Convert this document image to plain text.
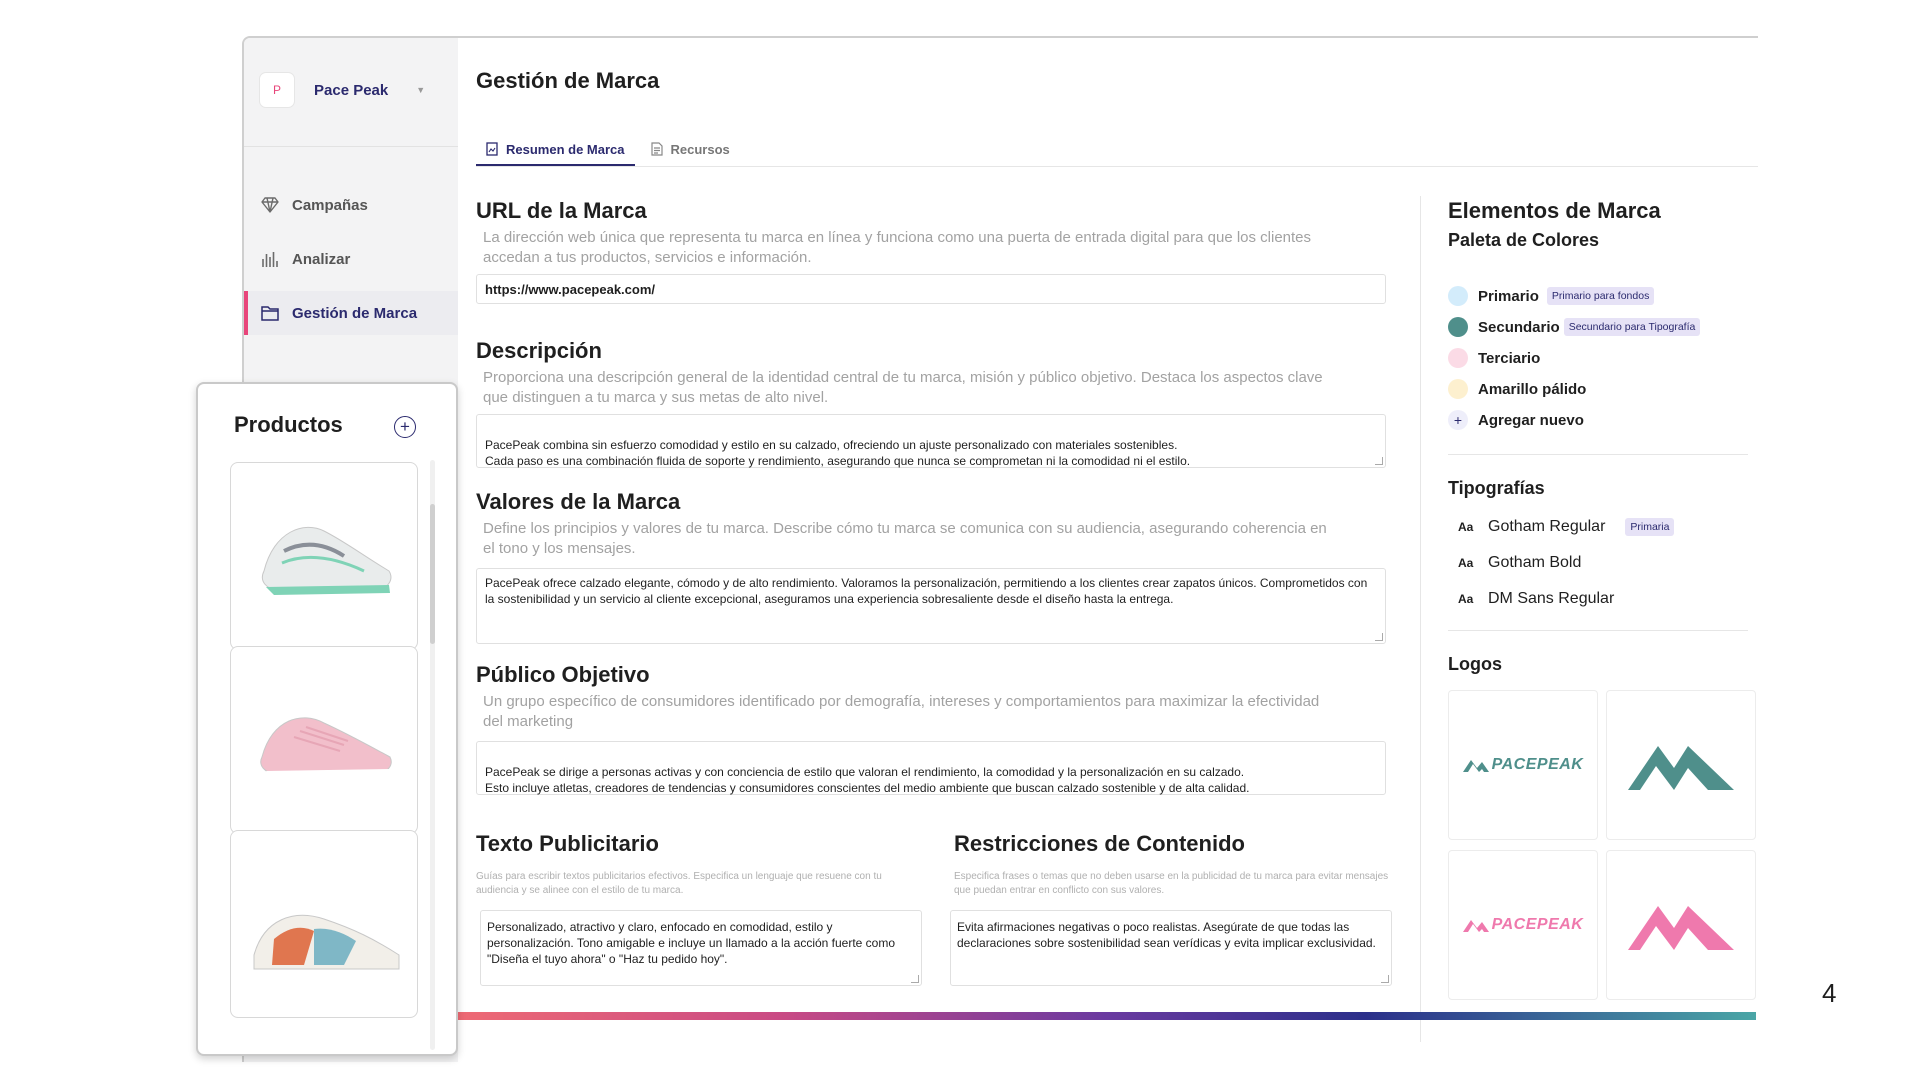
P	Pace Peak	▼
Campañas
Analizar
Gestión de Marca
Gestión de Marca
Resumen de Marca	Recursos
URL de la Marca
La dirección web única que representa tu marca en línea y funciona como una puerta de entrada digital para que los clientes accedan a tus productos, servicios e información.
https://www.pacepeak.com/
Descripción
Proporciona una descripción general de la identidad central de tu marca, misión y público objetivo. Destaca los aspectos clave que distinguen a tu marca y sus metas de alto nivel.

PacePeak combina sin esfuerzo comodidad y estilo en su calzado, ofreciendo un ajuste personalizado con materiales sostenibles.
Cada paso es una combinación fluida de soporte y rendimiento, asegurando que nunca se comprometan ni la comodidad ni el estilo.

Valores de la Marca
Define los principios y valores de tu marca. Describe cómo tu marca se comunica con su audiencia, asegurando coherencia en el tono y los mensajes.
PacePeak ofrece calzado elegante, cómodo y de alto rendimiento. Valoramos la personalización, permitiendo a los clientes crear zapatos únicos. Comprometidos con la sostenibilidad y un servicio al cliente excepcional, aseguramos una experiencia sobresaliente desde el diseño hasta la entrega.
Público Objetivo
Un grupo específico de consumidores identificado por demografía, intereses y comportamientos para maximizar la efectividad del marketing

PacePeak se dirige a personas activas y con conciencia de estilo que valoran el rendimiento, la comodidad y la personalización en su calzado.
Esto incluye atletas, creadores de tendencias y consumidores conscientes del medio ambiente que buscan calzado sostenible y de alta calidad.

Texto Publicitario
Guías para escribir textos publicitarios efectivos. Especifica un lenguaje que resuene con tu audiencia y se alinee con el estilo de tu marca.
Personalizado, atractivo y claro, enfocado en comodidad, estilo y personalización. Tono amigable e incluye un llamado a la acción fuerte como "Diseña el tuyo ahora" o "Haz tu pedido hoy".
Restricciones de Contenido
Especifica frases o temas que no deben usarse en la publicidad de tu marca para evitar mensajes que puedan entrar en conflicto con sus valores.
Evita afirmaciones negativas o poco realistas. Asegúrate de que todas las declaraciones sobre sostenibilidad sean verídicas y evita implicar exclusividad.
Elementos de Marca
Paleta de Colores
Primario	Primario para fondos
Secundario Secundario para Tipografía
Terciario
Amarillo pálido
+	Agregar nuevo
Tipografías
Aa Gotham Regular	Primaria
Aa Gotham Bold
Aa DM Sans Regular
Logos
PACEPEAK
PACEPEAK
Productos	+
4
